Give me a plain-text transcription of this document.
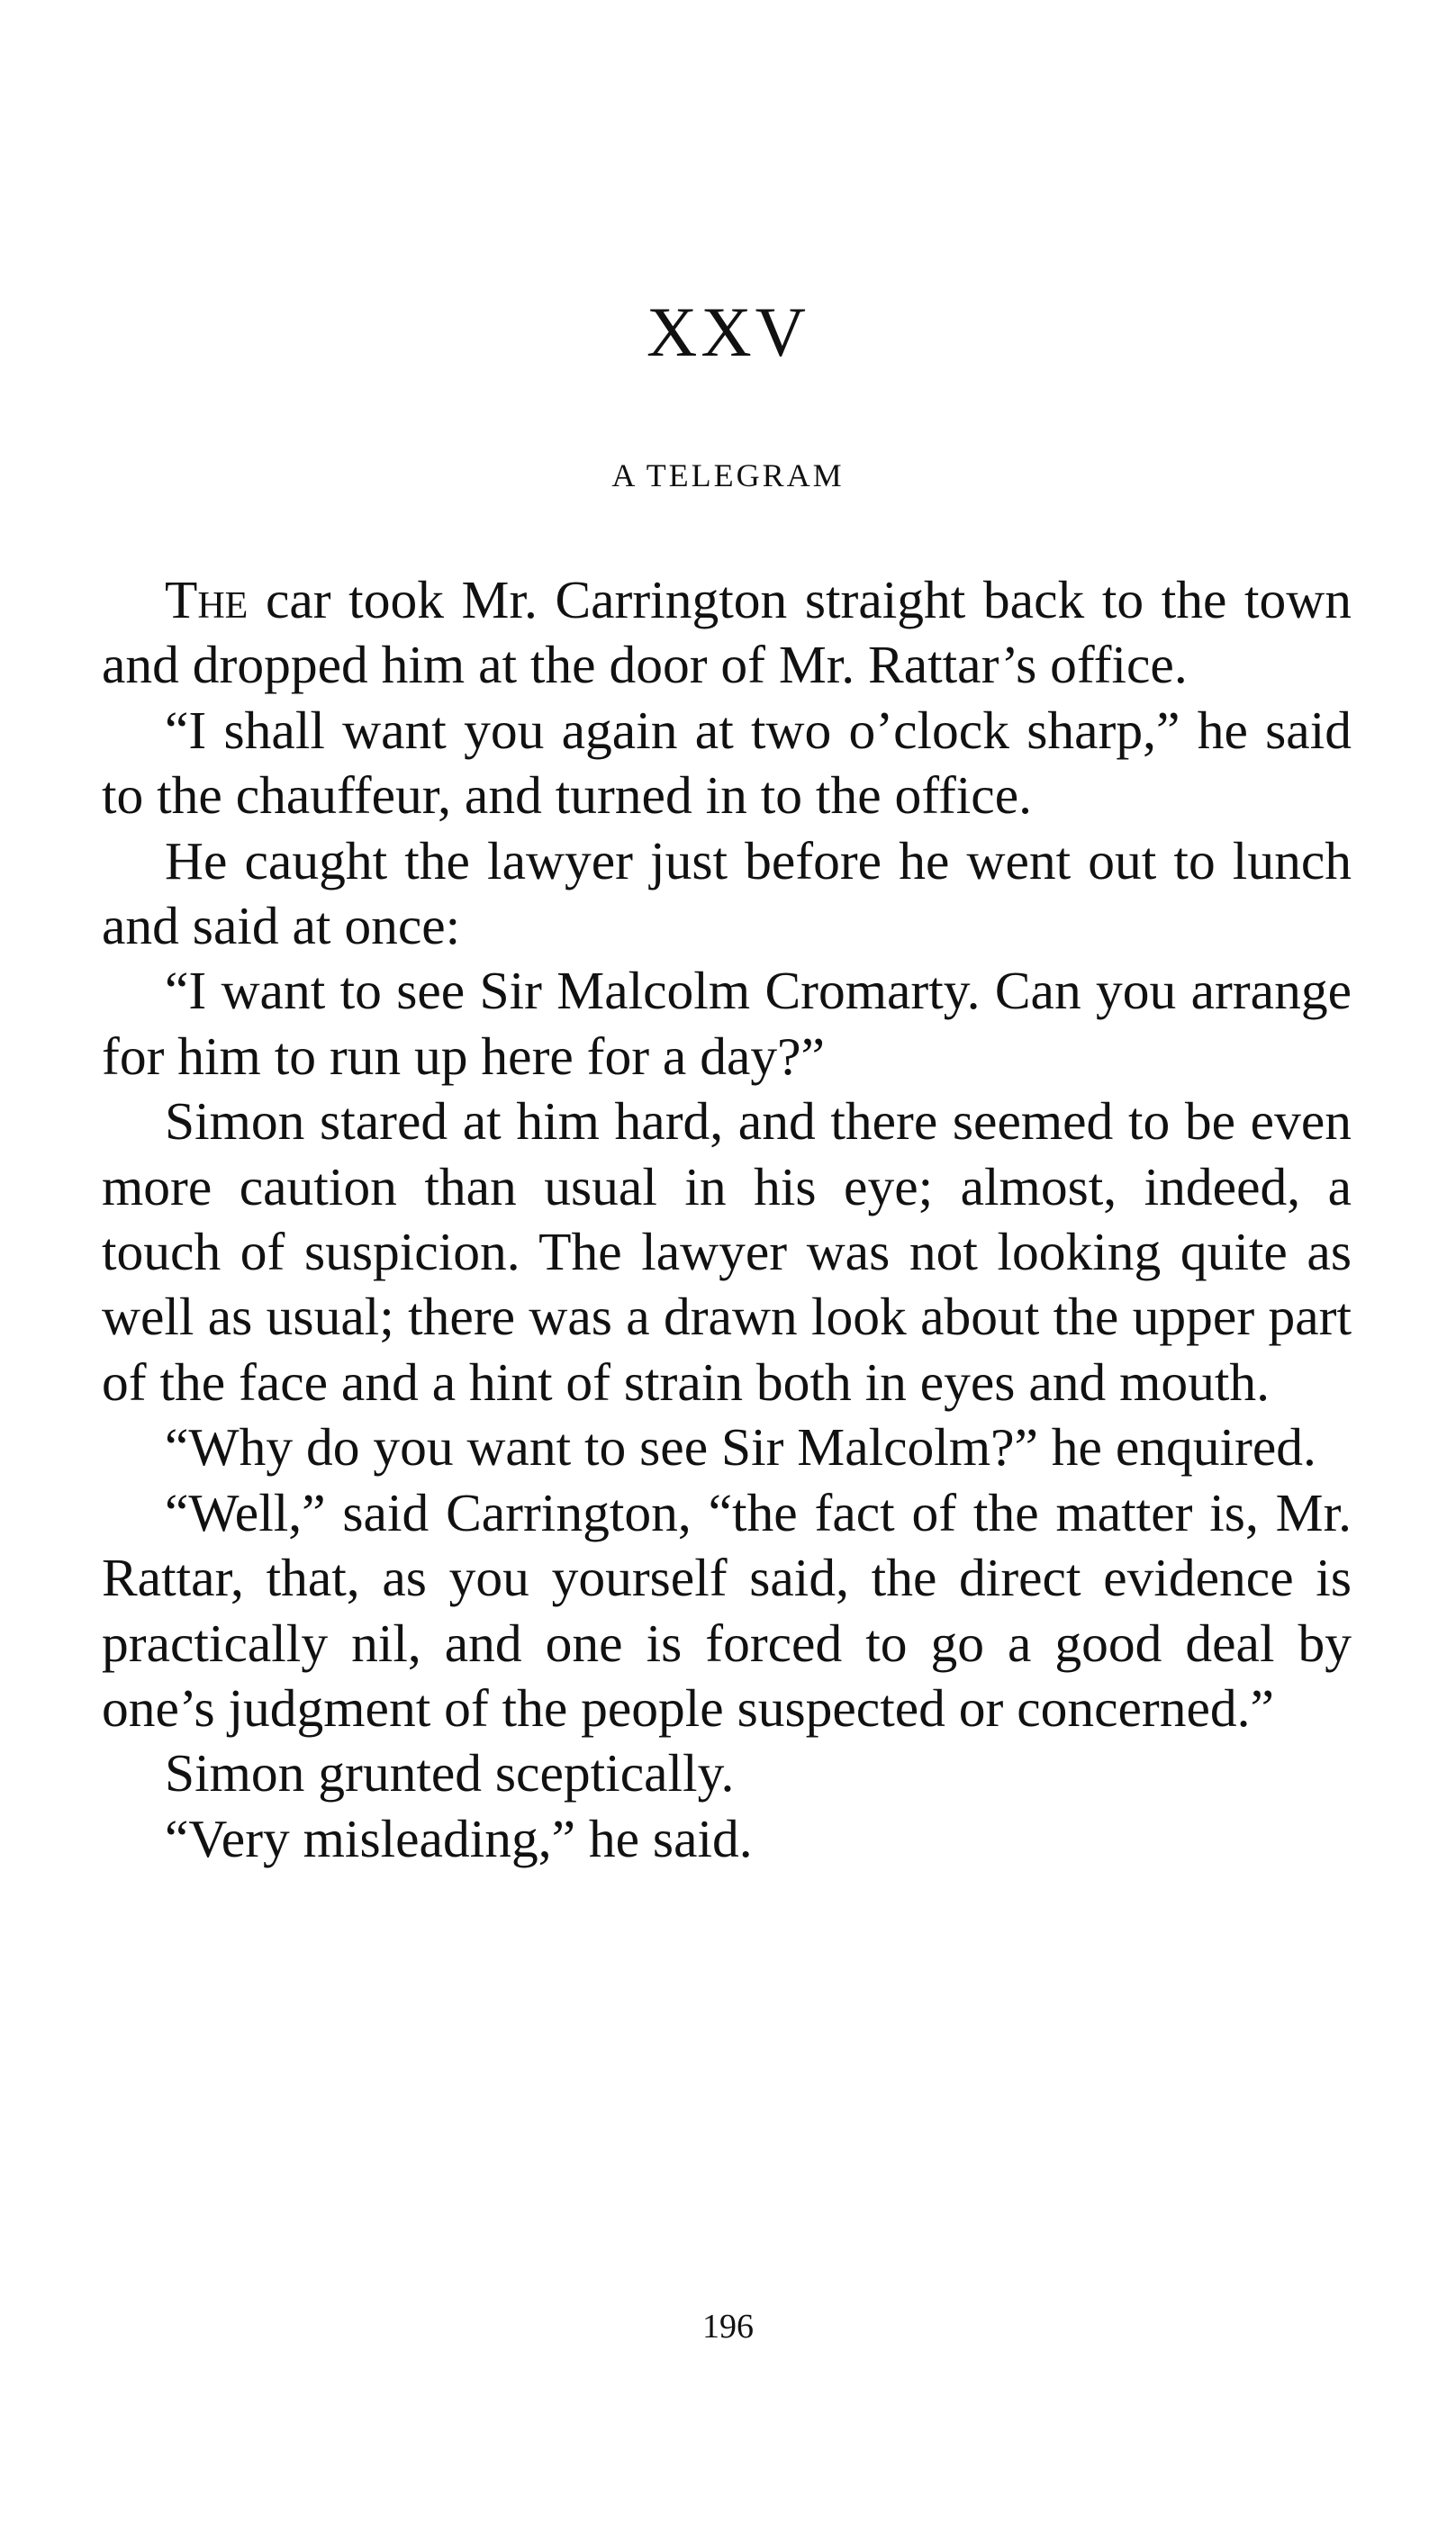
XXV
A TELEGRAM

The car took Mr. Carrington straight back to the town and dropped him at the door of Mr. Rattar’s office.

“I shall want you again at two o’clock sharp,” he said to the chauffeur, and turned in to the office.

He caught the lawyer just before he went out to lunch and said at once:

“I want to see Sir Malcolm Cromarty. Can you arrange for him to run up here for a day?”

Simon stared at him hard, and there seemed to be even more caution than usual in his eye; almost, indeed, a touch of suspicion. The lawyer was not looking quite as well as usual; there was a drawn look about the upper part of the face and a hint of strain both in eyes and mouth.

“Why do you want to see Sir Malcolm?” he enquired.

“Well,” said Carrington, “the fact of the matter is, Mr. Rattar, that, as you yourself said, the direct evidence is practically nil, and one is forced to go a good deal by one’s judgment of the people suspected or concerned.”

Simon grunted sceptically.

“Very misleading,” he said.

196
